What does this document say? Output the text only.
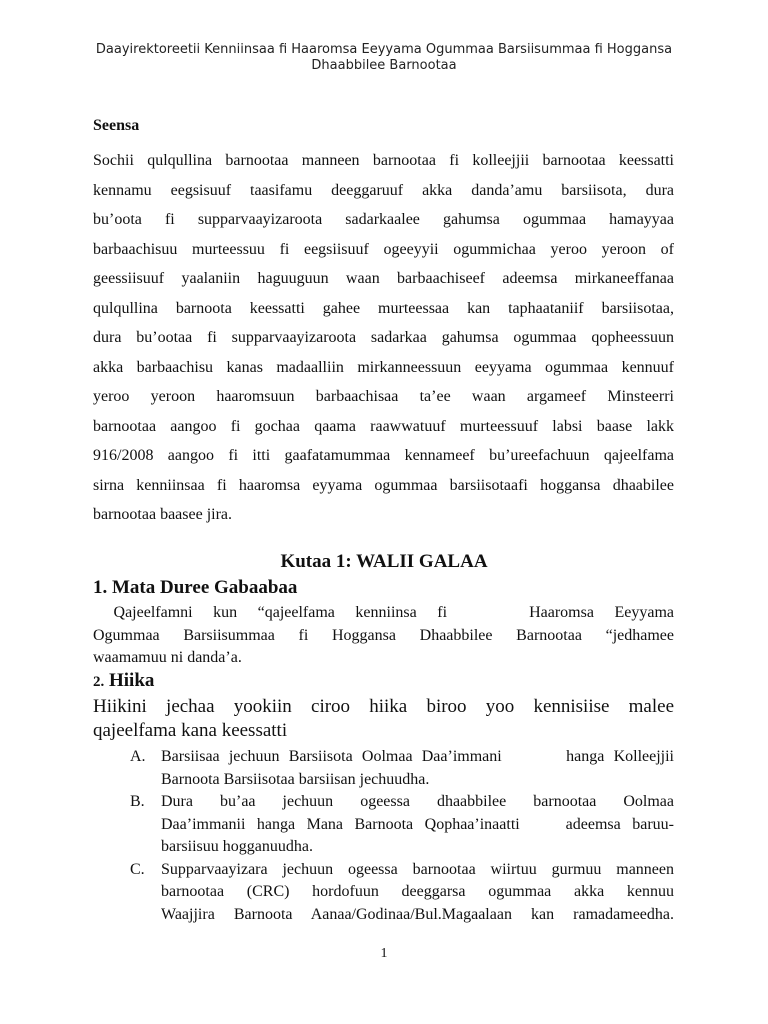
Daayirektoreetii Kenniinsaa fi Haaromsa Eeyyama Ogummaa Barsiisummaa fi Hoggansa
Dhaabbilee Barnootaa
Seensa
Sochii qulqullina barnootaa manneen barnootaa fi kolleejjii barnootaa keessatti
kennamu eegsisuuf taasifamu deeggaruuf akka danda’amu barsiisota, dura
bu’oota fi supparvaayizaroota sadarkaalee gahumsa ogummaa hamayyaa
barbaachisuu murteessuu fi eegsiisuuf ogeeyyii ogummichaa yeroo yeroon of
geessiisuuf yaalaniin haguuguun waan barbaachiseef adeemsa mirkaneeffanaa
qulqullina barnoota keessatti gahee murteessaa kan taphaataniif barsiisotaa,
dura bu’ootaa fi supparvaayizaroota sadarkaa gahumsa ogummaa qopheessuun
akka barbaachisu kanas madaalliin mirkanneessuun eeyyama ogummaa kennuuf
yeroo yeroon haaromsuun barbaachisaa ta’ee waan argameef Minsteerri
barnootaa aangoo fi gochaa qaama raawwatuuf murteessuuf labsi baase lakk
916/2008 aangoo fi itti gaafatamummaa kennameef bu’ureefachuun qajeelfama
sirna kenniinsaa fi haaromsa eyyama ogummaa barsiisotaafi hoggansa dhaabilee
barnootaa baasee jira.
Kutaa 1: WALII GALAA
1. Mata Duree Gabaabaa
Qajeelfamni kun “qajeelfama kenniinsa fi    Haaromsa Eeyyama
Ogummaa Barsiisummaa fi Hoggansa Dhaabbilee Barnootaa “jedhamee
waamamuu ni danda’a.
2. Hiika
Hiikini jechaa yookiin ciroo hiika biroo yoo kennisiise malee
qajeelfama kana keessatti
A. Barsiisaa jechuun Barsiisota Oolmaa Daa’immani       hanga Kolleejjii
Barnoota Barsiisotaa barsiisan jechuudha.
B. Dura bu’aa jechuun ogeessa dhaabbilee barnootaa Oolmaa
Daa’immanii hanga Mana Barnoota Qophaa’inaatti    adeemsa baruu-
barsiisuu hogganuudha.
C. Supparvaayizara jechuun ogeessa barnootaa wiirtuu gurmuu manneen
barnootaa (CRC) hordofuun deeggarsa ogummaa akka kennuu
Waajjira Barnoota Aanaa/Godinaa/Bul.Magaalaan kan ramadameedha.
1
